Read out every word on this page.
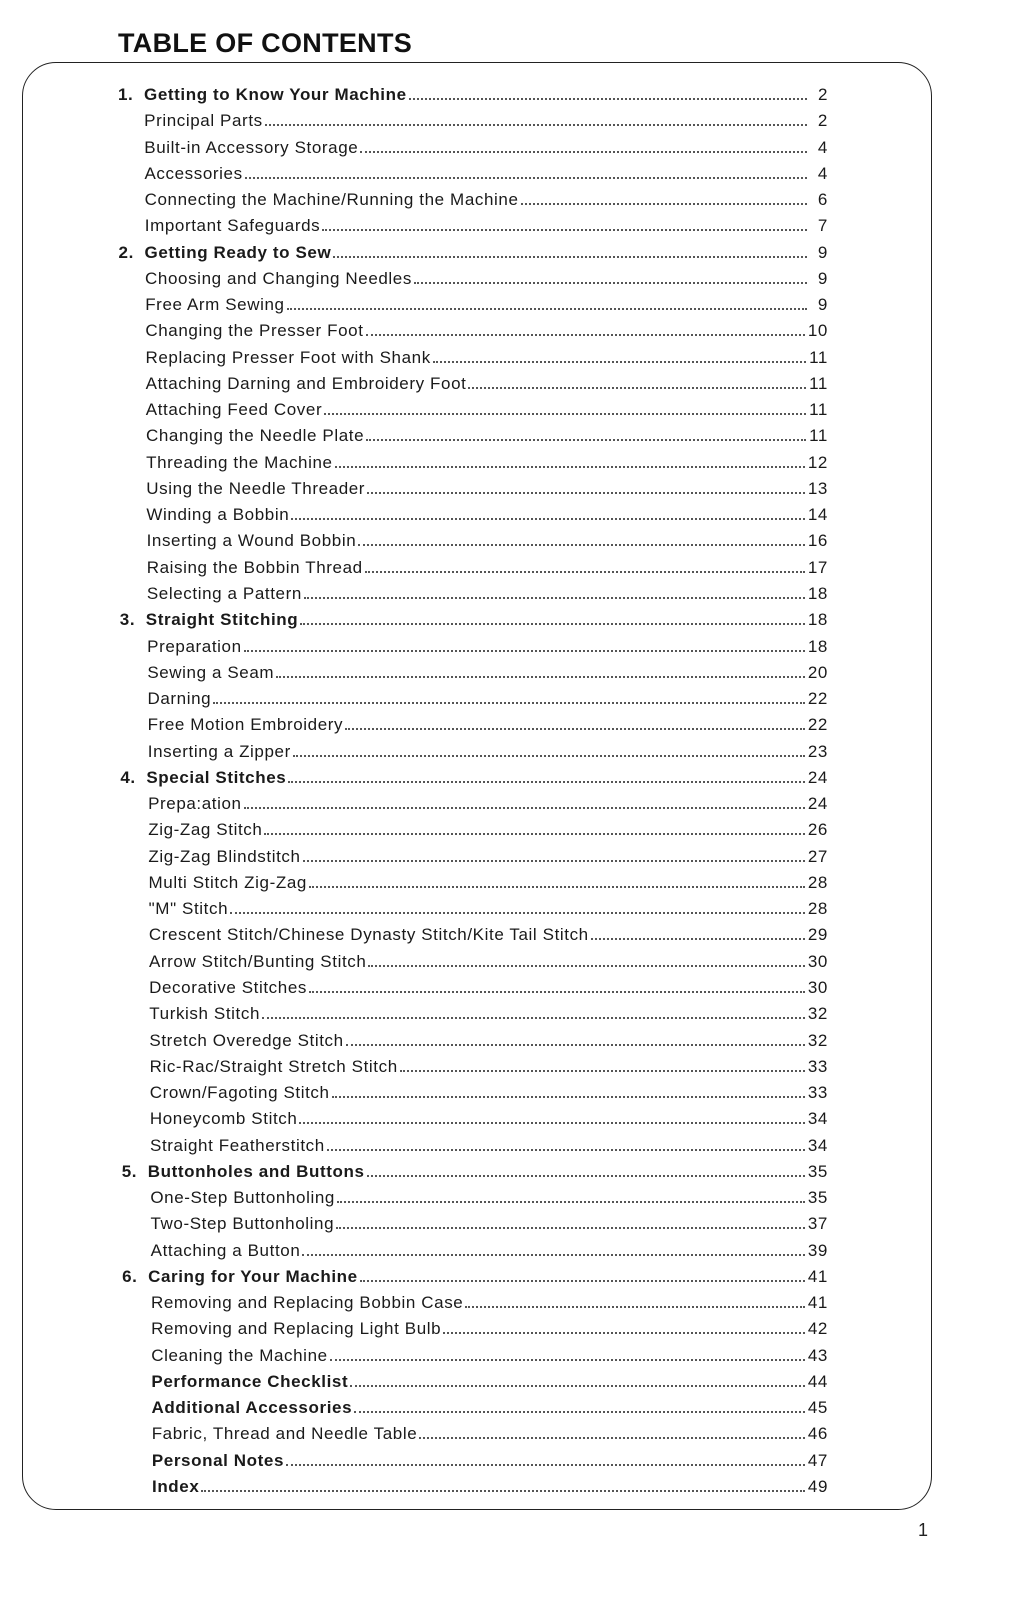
TABLE OF CONTENTS
1. Getting to Know Your Machine	2
Principal Parts	2
Built-in Accessory Storage	4
Accessories	4
Connecting the Machine/Running the Machine	6
Important Safeguards	7
2. Getting Ready to Sew	9
Choosing and Changing Needles	9
Free Arm Sewing	9
Changing the Presser Foot	10
Replacing Presser Foot with Shank	11
Attaching Darning and Embroidery Foot	11
Attaching Feed Cover	11
Changing the Needle Plate	11
Threading the Machine	12
Using the Needle Threader	13
Winding a Bobbin	14
Inserting a Wound Bobbin	16
Raising the Bobbin Thread	17
Selecting a Pattern	18
3. Straight Stitching	18
Preparation	18
Sewing a Seam	20
Darning	22
Free Motion Embroidery	22
Inserting a Zipper	23
4. Special Stitches	24
Prepa:ation	24
Zig-Zag Stitch	26
Zig-Zag Blindstitch	27
Multi Stitch Zig-Zag	28
"M" Stitch	28
Crescent Stitch/Chinese Dynasty Stitch/Kite Tail Stitch	29
Arrow Stitch/Bunting Stitch	30
Decorative Stitches	30
Turkish Stitch	32
Stretch Overedge Stitch	32
Ric-Rac/Straight Stretch Stitch	33
Crown/Fagoting Stitch	33
Honeycomb Stitch	34
Straight Featherstitch	34
5. Buttonholes and Buttons	35
One-Step Buttonholing	35
Two-Step Buttonholing	37
Attaching a Button	39
6. Caring for Your Machine	41
Removing and Replacing Bobbin Case	41
Removing and Replacing Light Bulb	42
Cleaning the Machine	43
Performance Checklist	44
Additional Accessories	45
Fabric, Thread and Needle Table	46
Personal Notes	47
Index	49
1
